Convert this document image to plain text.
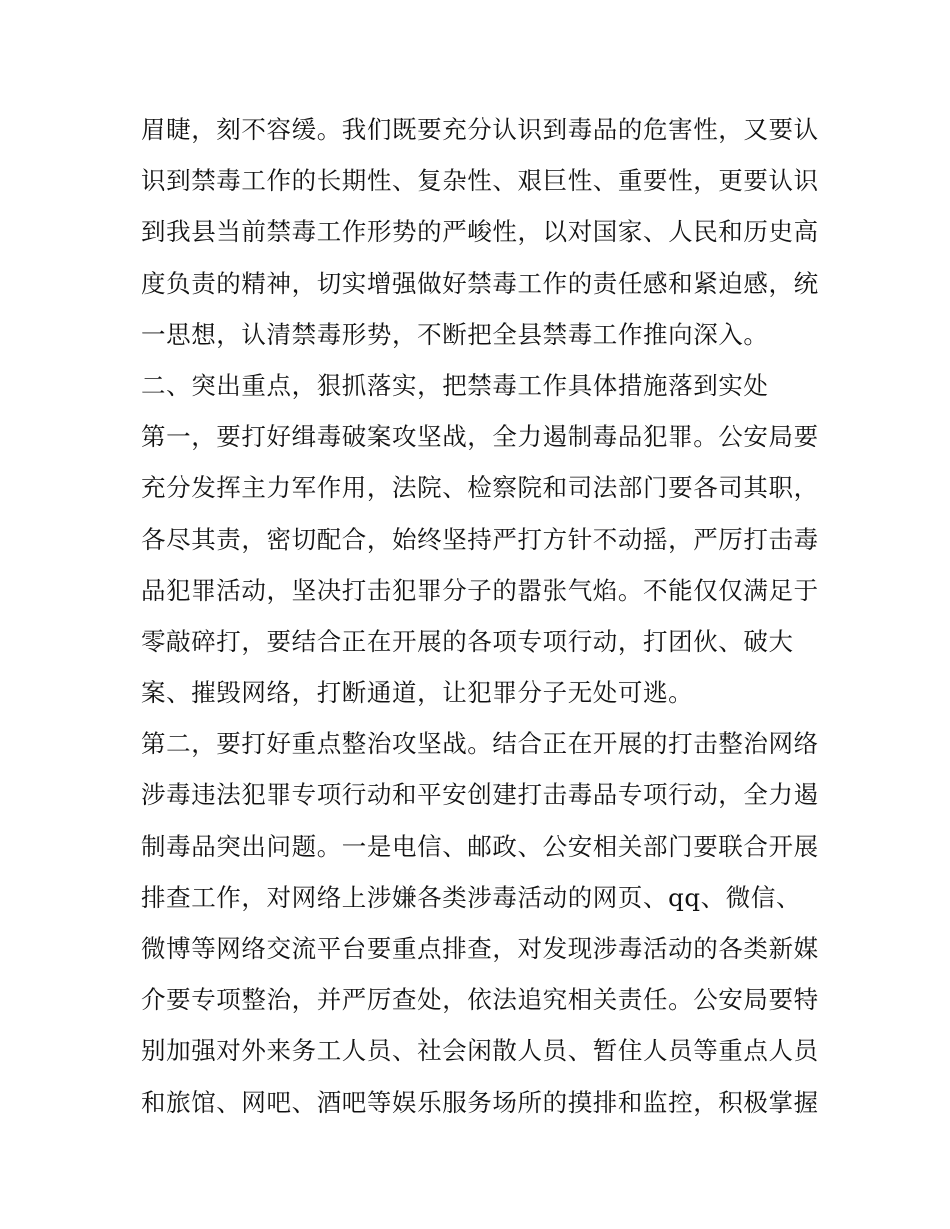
眉睫，刻不容缓。我们既要充分认识到毒品的危害性，又要认
识到禁毒工作的长期性、复杂性、艰巨性、重要性，更要认识
到我县当前禁毒工作形势的严峻性，以对国家、人民和历史高
度负责的精神，切实增强做好禁毒工作的责任感和紧迫感，统
一思想，认清禁毒形势，不断把全县禁毒工作推向深入。
二、突出重点，狠抓落实，把禁毒工作具体措施落到实处
第一，要打好缉毒破案攻坚战，全力遏制毒品犯罪。公安局要
充分发挥主力军作用，法院、检察院和司法部门要各司其职，
各尽其责，密切配合，始终坚持严打方针不动摇，严厉打击毒
品犯罪活动，坚决打击犯罪分子的嚣张气焰。不能仅仅满足于
零敲碎打，要结合正在开展的各项专项行动，打团伙、破大
案、摧毁网络，打断通道，让犯罪分子无处可逃。
第二，要打好重点整治攻坚战。结合正在开展的打击整治网络
涉毒违法犯罪专项行动和平安创建打击毒品专项行动，全力遏
制毒品突出问题。一是电信、邮政、公安相关部门要联合开展
排查工作，对网络上涉嫌各类涉毒活动的网页、qq、微信、
微博等网络交流平台要重点排查，对发现涉毒活动的各类新媒
介要专项整治，并严厉查处，依法追究相关责任。公安局要特
别加强对外来务工人员、社会闲散人员、暂住人员等重点人员
和旅馆、网吧、酒吧等娱乐服务场所的摸排和监控，积极掌握
